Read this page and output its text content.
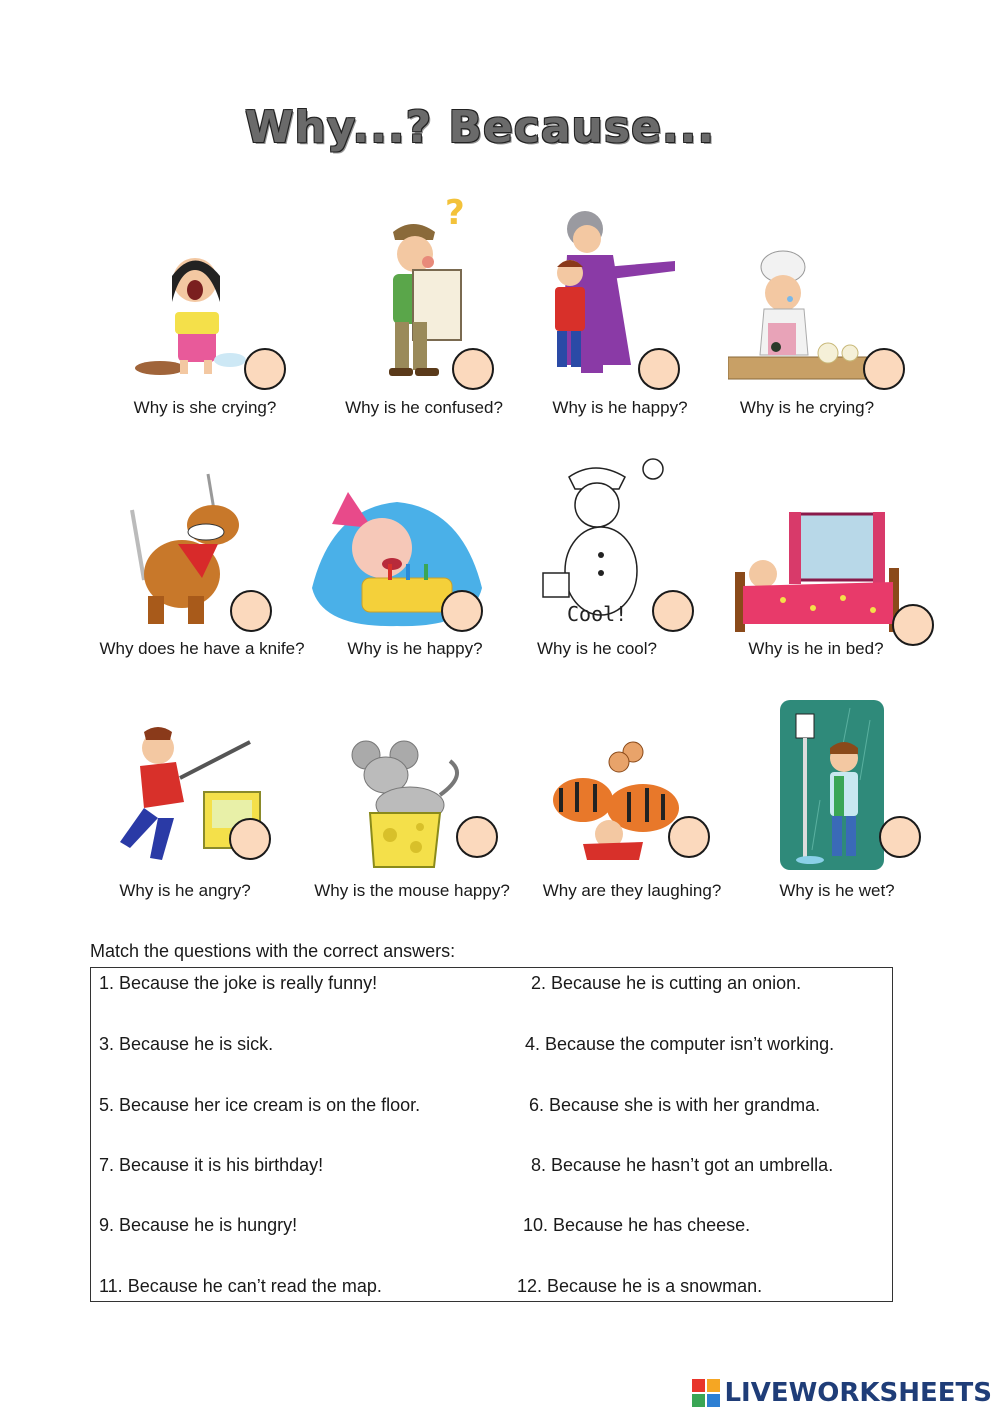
Why...? Because...
Why is she crying?
?
Why is he confused?	Why is he happy?	Why is he crying?
Why does he have a knife?	Why is he happy?
Cool!
Why is he cool?	Why is he in bed?
Why is he angry?	Why is the mouse happy?	Why are they laughing?	Why is he wet?
Match the questions with the correct answers:
1. Because the joke is really funny!	2. Because he is cutting an onion.
3. Because he is sick.	4. Because the computer isn’t working.
5. Because her ice cream is on the floor.	6. Because she is with her grandma.
7. Because it is his birthday!	8. Because he hasn’t got an umbrella.
9. Because he is hungry!	10. Because he has cheese.
11. Because he can’t read the map.	12. Because he is a snowman.
LIVEWORKSHEETS
